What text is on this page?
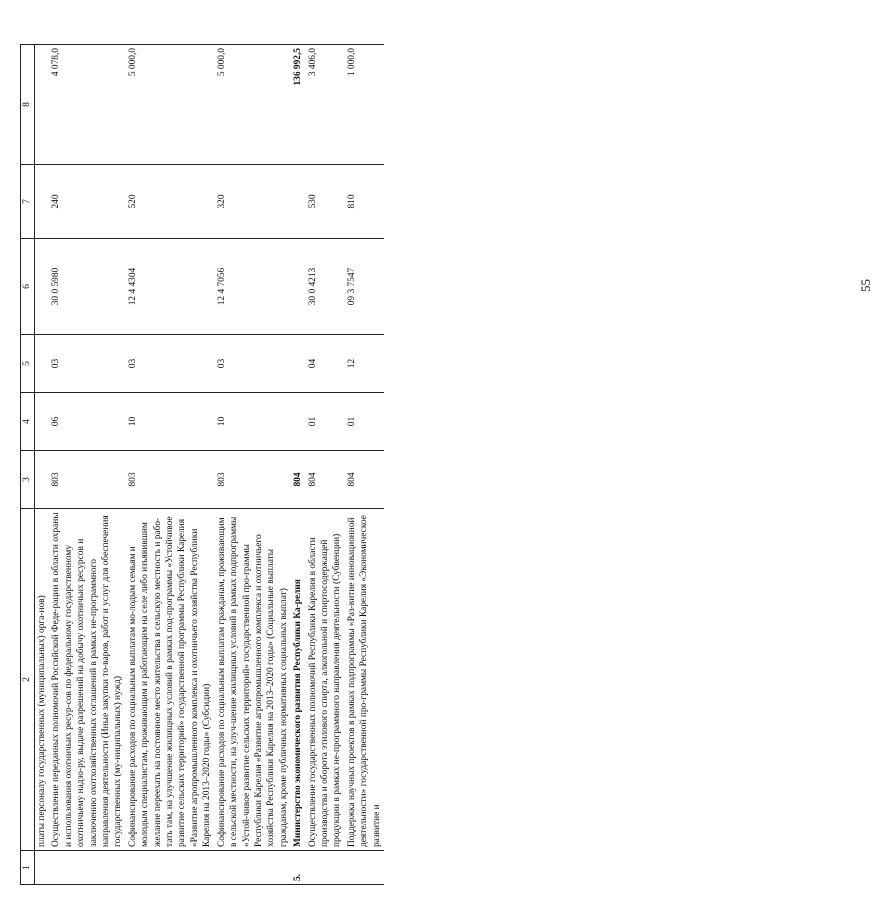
1	2	3	4	5	6	7	8
	платы персоналу государственных (муниципальных) орга-нов)						
	Осуществление переданных полномочий Российской Феде-рации в области охраны и использования охотничьих ресур-сов по федеральному государственному охотничьему надзо-ру, выдаче разрешений на добычу охотничьих ресурсов и заключению охотхозяйственных соглашений в рамках не-программного направления деятельности (Иные закупки то-варов, работ и услуг для обеспечения государственных (му-ниципальных) нужд)	803	06	03	30 0 5980	240	4 078,0
	Софинансирование расходов по социальным выплатам мо-лодым семьям и молодым специалистам, проживающим и работающим на селе либо изъявившим желание переехать на постоянное место жительства в сельскую местность и рабо-тать там, на улучшение жилищных условий в рамках под-программы «Устойчивое развитие сельских территорий» государственной программы Республики Карелия «Развитие агропромышленного комплекса и охотничьего хозяйства Республики Карелия на 2013–2020 годы» (Субсидии)	803	10	03	12 4 4304	520	5 000,0
	Софинансирование расходов по социальным выплатам гражданам, проживающим в сельской местности, на улуч-шение жилищных условий в рамках подпрограммы «Устой-чивое развитие сельских территорий» государственной про-граммы Республики Карелия «Развитие агропромышленного комплекса и охотничьего хозяйства Республики Карелия на 2013–2020 годы» (Социальные выплаты гражданам, кроме публичных нормативных социальных выплат)	803	10	03	12 4 7056	320	5 000,0
5.	Министерство экономического развития Республики Ка-релия	804					136 992,5
	Осуществление государственных полномочий Республики Карелия в области производства и оборота этилового спирта, алкогольной и спиртосодержащей продукции в рамках не-программного направления деятельности (Субвенции)	804	01	04	30 0 4213	530	3 406,0
	Поддержка научных проектов в рамках подпрограммы «Раз-витие инновационной деятельности» государственной про-граммы Республики Карелия «Экономическое развитие и	804	01	12	09 3 7547	810	1 000,0
55
